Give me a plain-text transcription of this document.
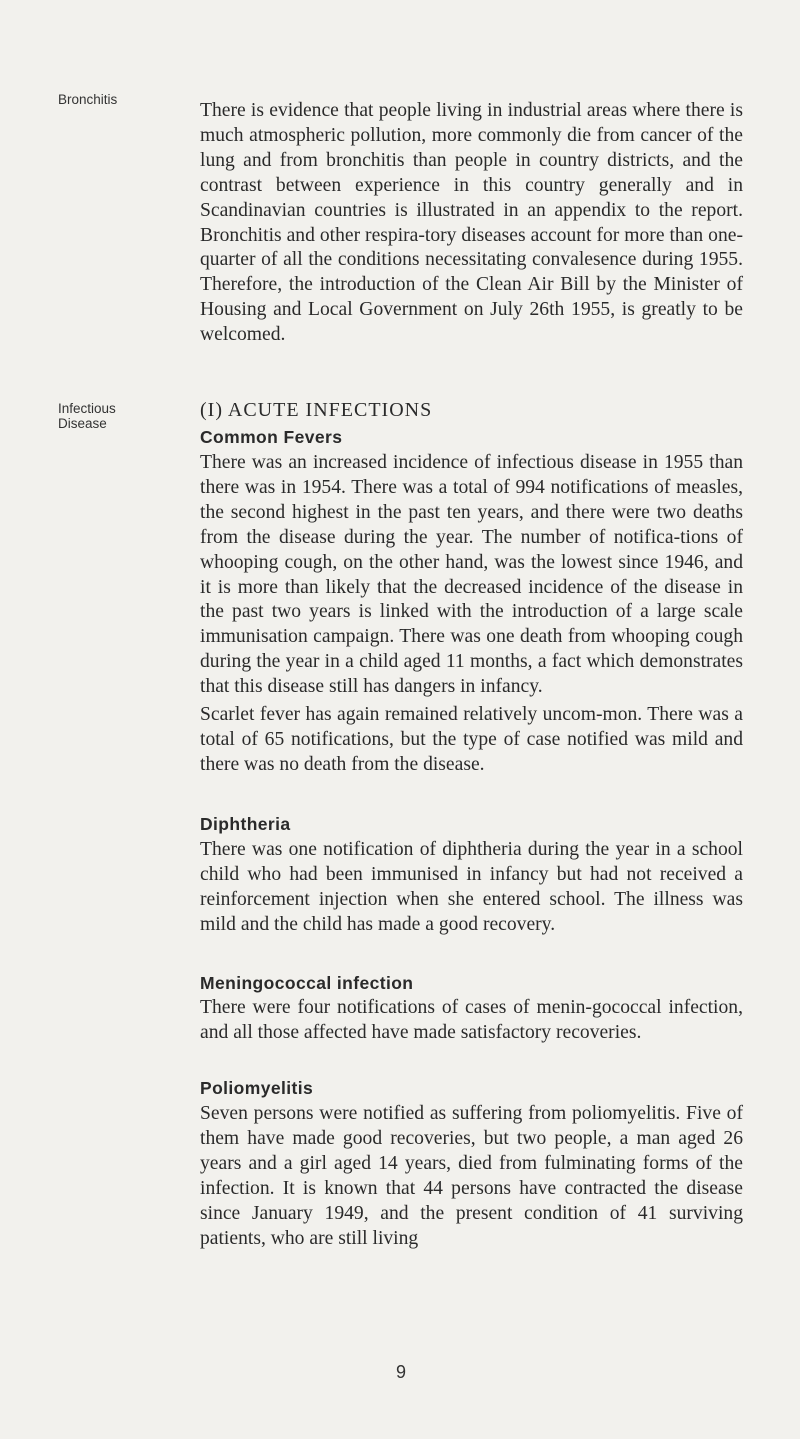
Bronchitis

There is evidence that people living in industrial areas where there is much atmospheric pollution, more commonly die from cancer of the lung and from bronchitis than people in country districts, and the contrast between experience in this country generally and in Scandinavian countries is illustrated in an appendix to the report. Bronchitis and other respira-tory diseases account for more than one-quarter of all the conditions necessitating convalesence during 1955. Therefore, the introduction of the Clean Air Bill by the Minister of Housing and Local Government on July 26th 1955, is greatly to be welcomed.

Infectious Disease
(I) ACUTE INFECTIONS
Common Fevers

There was an increased incidence of infectious disease in 1955 than there was in 1954. There was a total of 994 notifications of measles, the second highest in the past ten years, and there were two deaths from the disease during the year. The number of notifica-tions of whooping cough, on the other hand, was the lowest since 1946, and it is more than likely that the decreased incidence of the disease in the past two years is linked with the introduction of a large scale immunisation campaign. There was one death from whooping cough during the year in a child aged 11 months, a fact which demonstrates that this disease still has dangers in infancy.

Scarlet fever has again remained relatively uncom-mon. There was a total of 65 notifications, but the type of case notified was mild and there was no death from the disease.

Diphtheria

There was one notification of diphtheria during the year in a school child who had been immunised in infancy but had not received a reinforcement injection when she entered school. The illness was mild and the child has made a good recovery.

Meningococcal infection

There were four notifications of cases of menin-gococcal infection, and all those affected have made satisfactory recoveries.

Poliomyelitis

Seven persons were notified as suffering from poliomyelitis. Five of them have made good recoveries, but two people, a man aged 26 years and a girl aged 14 years, died from fulminating forms of the infection. It is known that 44 persons have contracted the disease since January 1949, and the present condition of 41 surviving patients, who are still living

9
